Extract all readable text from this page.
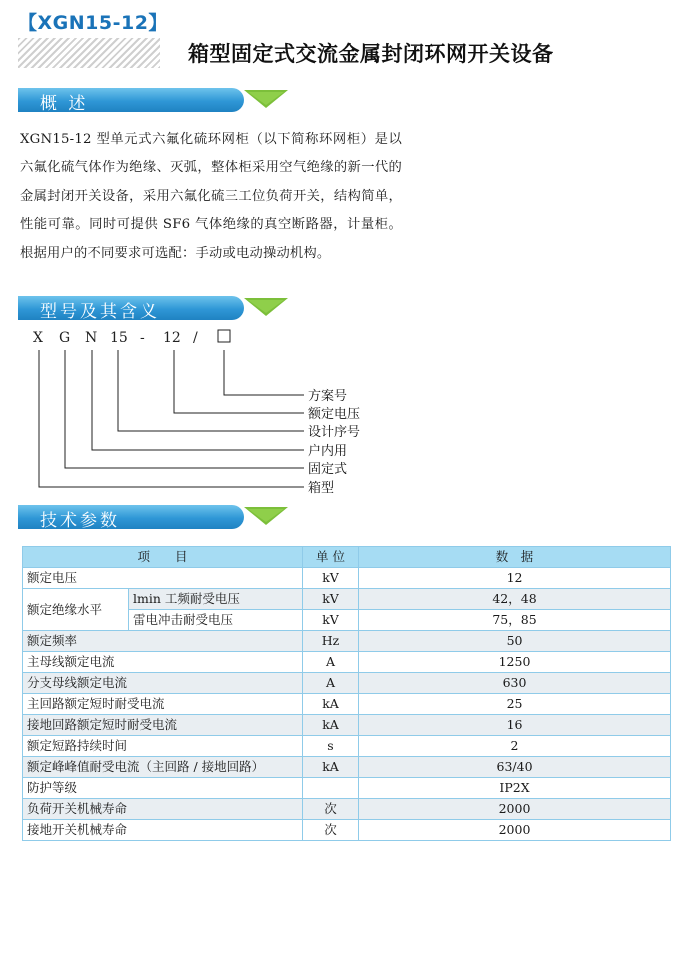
【XGN15-12】
箱型固定式交流金属封闭环网开关设备
概 述
XGN15-12 型单元式六氟化硫环网柜（以下简称环网柜）是以六氟化硫气体作为绝缘、灭弧，整体柜采用空气绝缘的新一代的金属封闭开关设备，采用六氟化硫三工位负荷开关，结构简单，性能可靠。同时可提供 SF6 气体绝缘的真空断路器，计量柜。根据用户的不同要求可选配：手动或电动操动机构。
型号及其含义
X G N 15 - 12 /
方案号
额定电压
设计序号
户内用
固定式
箱型
技术参数
项　　目		单 位	数　据
额定电压		kV	12
额定绝缘水平	lmin 工频耐受电压	kV	42，48
	雷电冲击耐受电压	kV	75，85
额定频率		Hz	50
主母线额定电流		A	1250
分支母线额定电流		A	630
主回路额定短时耐受电流		kA	25
接地回路额定短时耐受电流		kA	16
额定短路持续时间		s	2
额定峰峰值耐受电流（主回路 / 接地回路）		kA	63/40
防护等级			IP2X
负荷开关机械寿命		次	2000
接地开关机械寿命		次	2000
